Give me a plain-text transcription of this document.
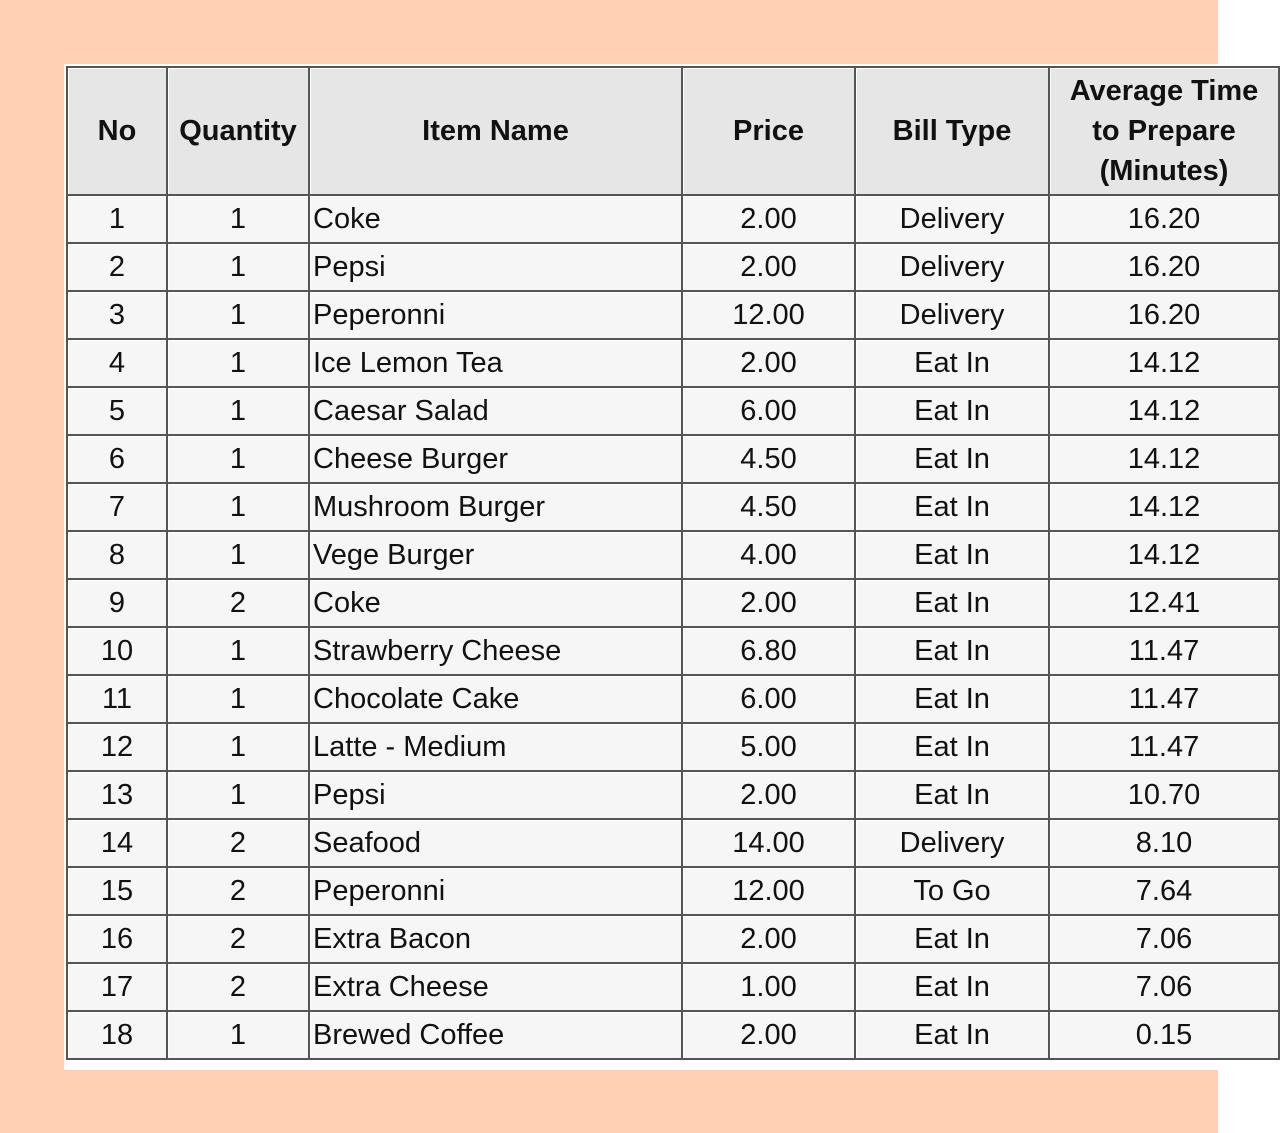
No	Quantity	Item Name	Price	Bill Type	Average Time
to Prepare
(Minutes)
1	1	Coke	2.00	Delivery	16.20
2	1	Pepsi	2.00	Delivery	16.20
3	1	Peperonni	12.00	Delivery	16.20
4	1	Ice Lemon Tea	2.00	Eat In	14.12
5	1	Caesar Salad	6.00	Eat In	14.12
6	1	Cheese Burger	4.50	Eat In	14.12
7	1	Mushroom Burger	4.50	Eat In	14.12
8	1	Vege Burger	4.00	Eat In	14.12
9	2	Coke	2.00	Eat In	12.41
10	1	Strawberry Cheese	6.80	Eat In	11.47
11	1	Chocolate Cake	6.00	Eat In	11.47
12	1	Latte - Medium	5.00	Eat In	11.47
13	1	Pepsi	2.00	Eat In	10.70
14	2	Seafood	14.00	Delivery	8.10
15	2	Peperonni	12.00	To Go	7.64
16	2	Extra Bacon	2.00	Eat In	7.06
17	2	Extra Cheese	1.00	Eat In	7.06
18	1	Brewed Coffee	2.00	Eat In	0.15
